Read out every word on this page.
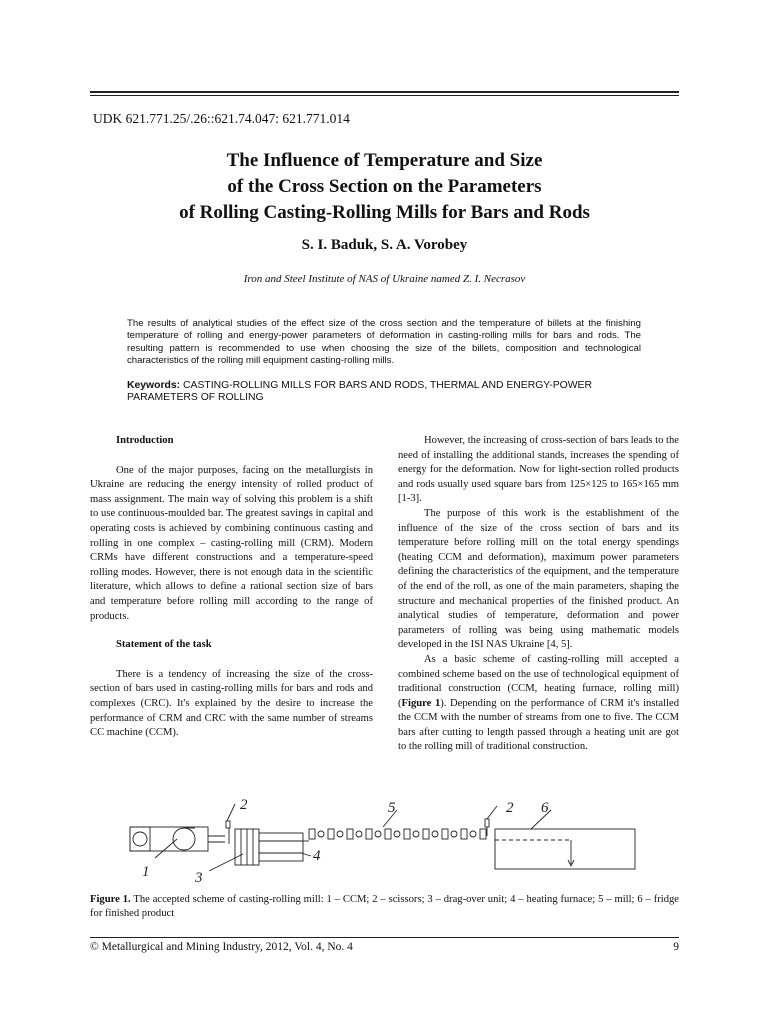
UDK 621.771.25/.26::621.74.047: 621.771.014
The Influence of Temperature and Size
of the Cross Section on the Parameters
of Rolling Casting-Rolling Mills for Bars and Rods
S. I. Baduk, S. A. Vorobey
Iron and Steel Institute of NAS of Ukraine named Z. I. Necrasov
The results of analytical studies of the effect size of the cross section and the temperature of billets at the finishing temperature of rolling and energy-power parameters of deformation in casting-rolling mills for bars and rods. The resulting pattern is recommended to use when choosing the size of the billets, composition and technological characteristics of the rolling mill equipment casting-rolling mills.
Keywords: CASTING-ROLLING MILLS FOR BARS AND RODS, THERMAL AND ENERGY-POWER PARAMETERS OF ROLLING
Introduction

One of the major purposes, facing on the metallurgists in Ukraine are reducing the energy intensity of rolled product of mass assignment. The main way of solving this problem is a shift to use continuous-moulded bar. The greatest savings in capital and operating costs is achieved by combining continuous casting and rolling in one complex – casting-rolling mill (CRM). Modern CRMs have different constructions and a temperature-speed rolling modes. However, there is not enough data in the scientific literature, which allows to define a rational section size of bars and temperature before rolling mill according to the range of products.

Statement of the task

There is a tendency of increasing the size of the cross-section of bars used in casting-rolling mills for bars and rods and complexes (CRC). It's explained by the desire to increase the performance of CRM and CRC with the same number of streams CC machine (CCM).

However, the increasing of cross-section of bars leads to the need of installing the additional stands, increases the spending of energy for the deformation. Now for light-section rolled products and rods usually used square bars from 125×125 to 165×165 mm [1-3].

The purpose of this work is the establishment of the influence of the size of the cross section of bars and its temperature before rolling mill on the total energy spendings (heating CCM and deformation), maximum power parameters defining the characteristics of the equipment, and the temperature of the end of the roll, as one of the main parameters, shaping the structure and mechanical properties of the finished product. An analytical studies of temperature, deformation and power parameters of rolling was being using mathematic models developed in the ISI NAS Ukraine [4, 5].

As a basic scheme of casting-rolling mill accepted a combined scheme based on the use of technological equipment of traditional construction (CCM, heating furnace, rolling mill) (Figure 1). Depending on the performance of CRM it's installed the CCM with the number of streams from one to five. The CCM bars after cutting to length passed through a heating unit are got to the rolling mill of traditional construction.

1
2
3
4
5	2 6
Figure 1. The accepted scheme of casting-rolling mill: 1 – CCM; 2 – scissors; 3 – drag-over unit; 4 – heating furnace; 5 – mill; 6 – fridge for finished product
© Metallurgical and Mining Industry, 2012, Vol. 4, No. 4	9
